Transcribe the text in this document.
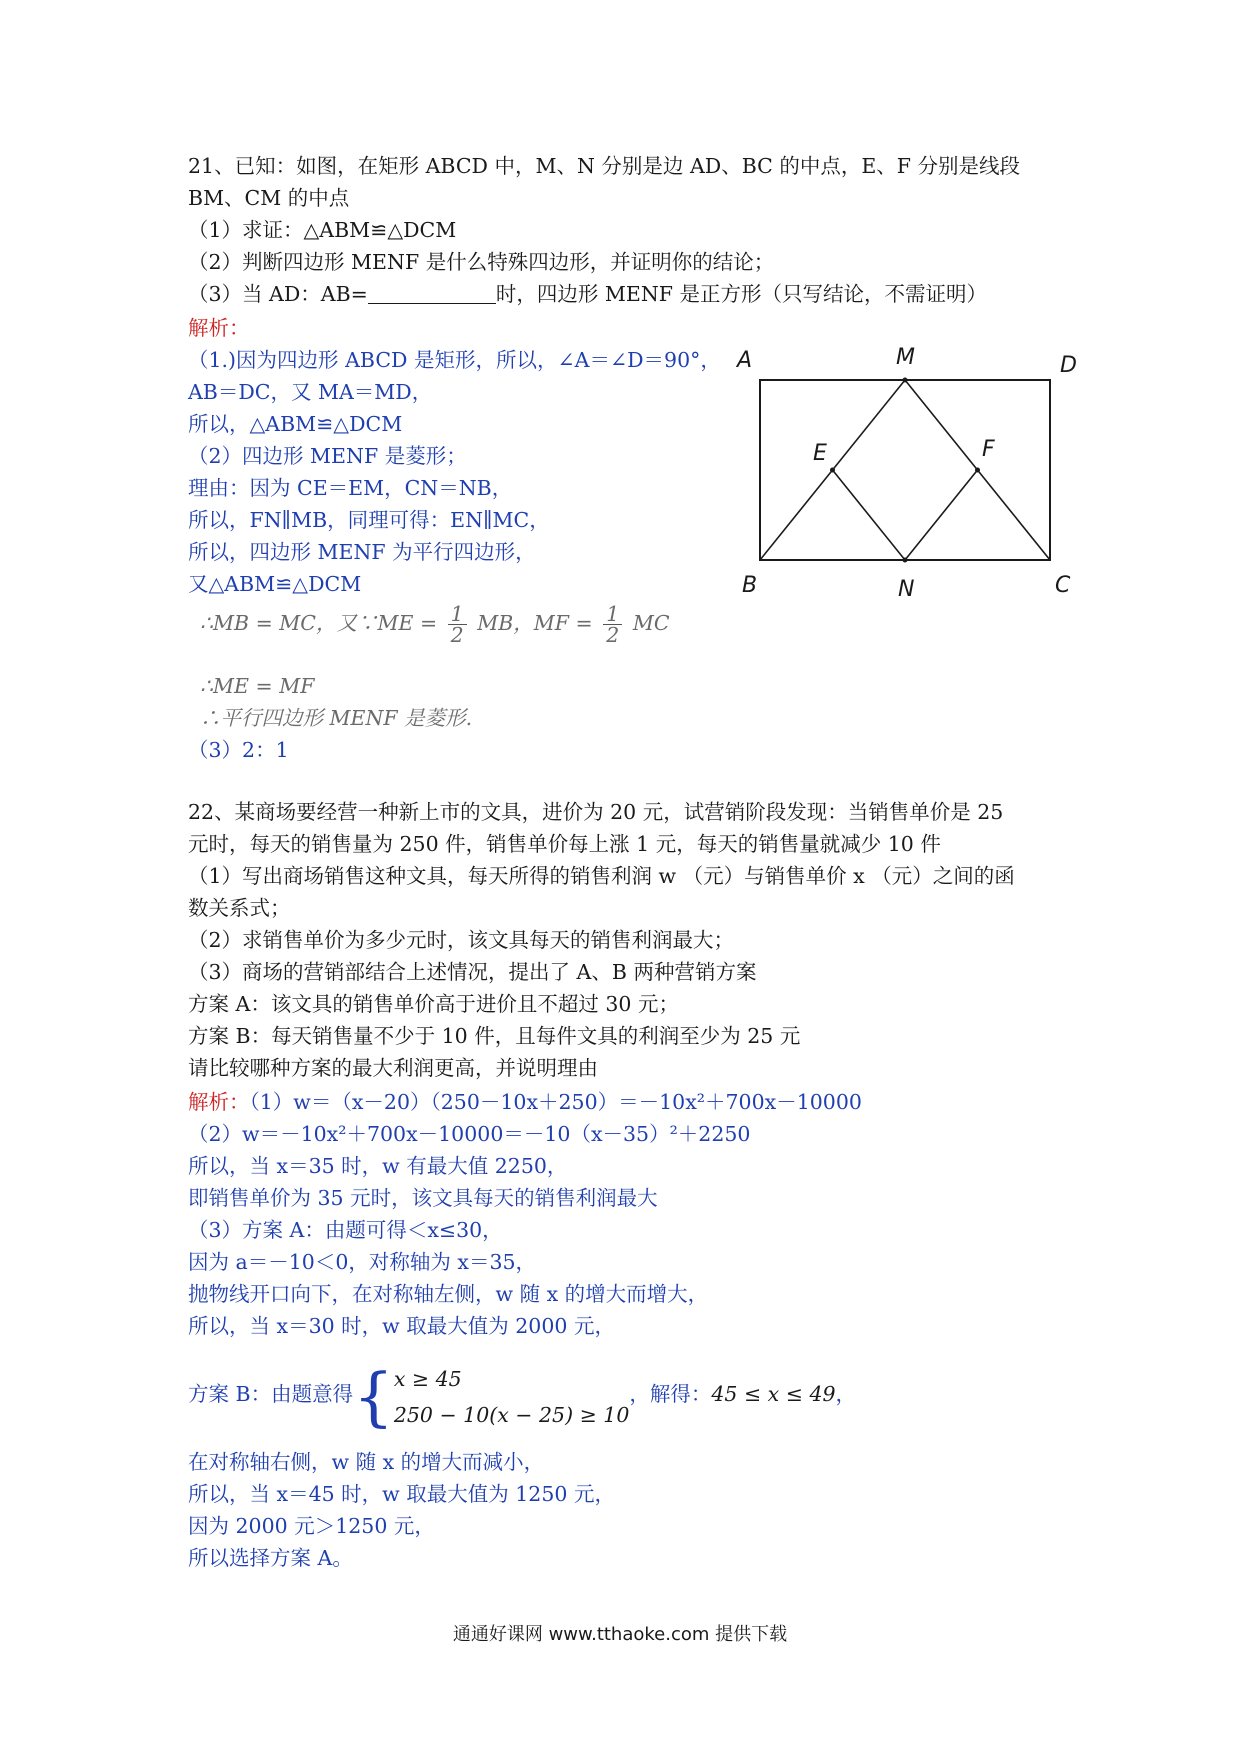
21、已知：如图，在矩形 ABCD 中，M、N 分别是边 AD、BC 的中点，E、F 分别是线段
BM、CM 的中点
（1）求证：△ABM≌△DCM
（2）判断四边形 MENF 是什么特殊四边形，并证明你的结论；
（3）当 AD：AB=	时，四边形 MENF 是正方形（只写结论，不需证明）
解析：
（1.)因为四边形 ABCD 是矩形，所以，∠A＝∠D＝90°，
AB＝DC，又 MA＝MD，
所以，△ABM≌△DCM
（2）四边形 MENF 是菱形；
理由：因为 CE＝EM，CN＝NB，
所以，FN∥MB，同理可得：EN∥MC，
所以，四边形 MENF 为平行四边形，
又△ABM≌△DCM
∴MB = MC，又∵ME = $\frac{1}{2}$ MB，MF = $\frac{1}{2}$ MC
∴ME = MF
∴平行四边形 MENF 是菱形.
（3）2：1
A	M	D
E	F
B	N	C
22、某商场要经营一种新上市的文具，进价为 20 元，试营销阶段发现：当销售单价是 25
元时，每天的销售量为 250 件，销售单价每上涨 1 元，每天的销售量就减少 10 件
（1）写出商场销售这种文具，每天所得的销售利润 w （元）与销售单价 x （元）之间的函
数关系式；
（2）求销售单价为多少元时，该文具每天的销售利润最大；
（3）商场的营销部结合上述情况，提出了 A、B 两种营销方案
方案 A：该文具的销售单价高于进价且不超过 30 元；
方案 B：每天销售量不少于 10 件，且每件文具的利润至少为 25 元
请比较哪种方案的最大利润更高，并说明理由
解析：（1）w＝（x－20）（250－10x＋250）＝－10x²＋700x－10000
（2）w＝－10x²＋700x－10000＝－10（x－35）²＋2250
所以，当 x＝35 时，w 有最大值 2250，
即销售单价为 35 元时，该文具每天的销售利润最大
（3）方案 A：由题可得＜x≤30，
因为 a＝－10＜0，对称轴为 x＝35，
抛物线开口向下，在对称轴左侧，w 随 x 的增大而增大，
所以，当 x＝30 时，w 取最大值为 2000 元，
方案 B：由题意得{ x ≥ 45
250 − 10(x − 25) ≥ 10
，解得：45 ≤ x ≤ 49，
在对称轴右侧，w 随 x 的增大而减小，
所以，当 x＝45 时，w 取最大值为 1250 元，
因为 2000 元＞1250 元，
所以选择方案 A。
通通好课网 www.tthaoke.com 提供下载
